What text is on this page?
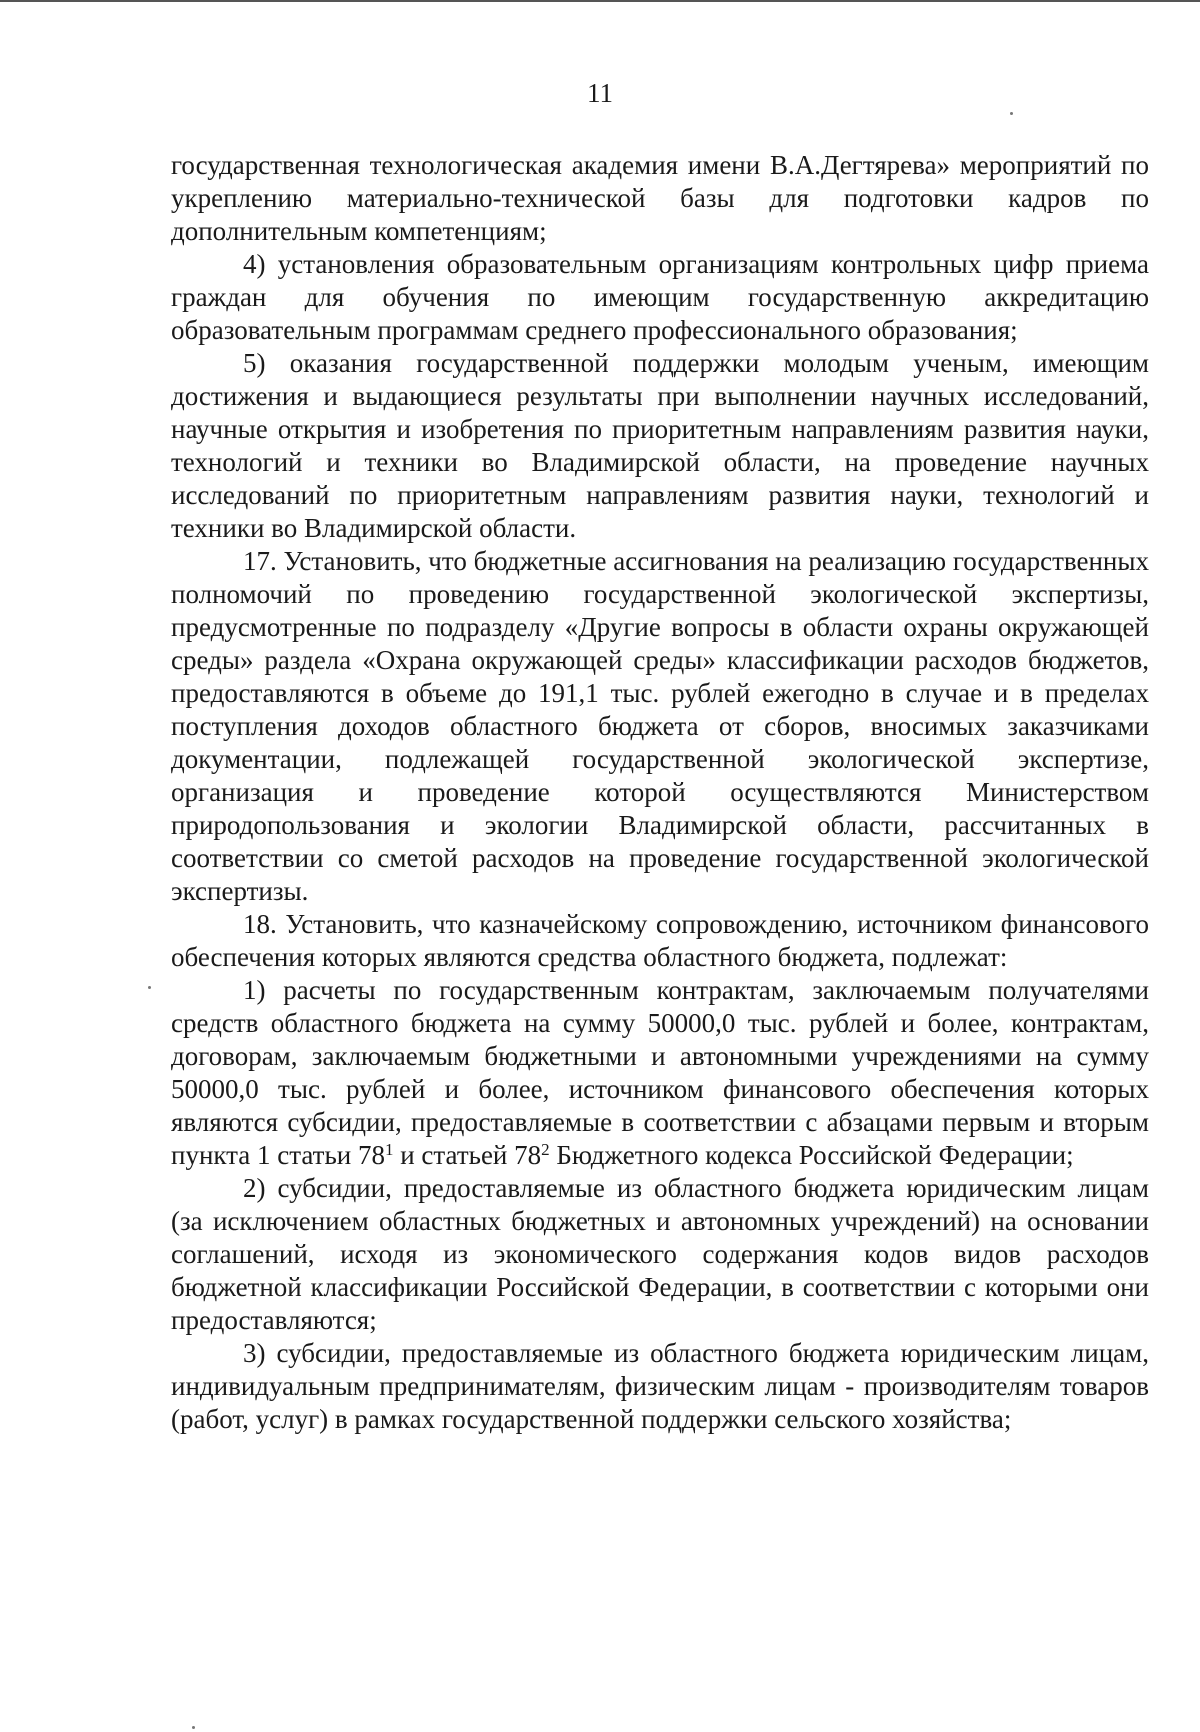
11

государственная технологическая академия имени В.А.Дегтярева» мероприятий по укреплению материально-технической базы для подготовки кадров по дополнительным компетенциям;

4) установления образовательным организациям контрольных цифр приема граждан для обучения по имеющим государственную аккредитацию образовательным программам среднего профессионального образования;

5) оказания государственной поддержки молодым ученым, имеющим достижения и выдающиеся результаты при выполнении научных исследований, научные открытия и изобретения по приоритетным направлениям развития науки, технологий и техники во Владимирской области, на проведение научных исследований по приоритетным направлениям развития науки, технологий и техники во Владимирской области.

17. Установить, что бюджетные ассигнования на реализацию государственных полномочий по проведению государственной экологической экспертизы, предусмотренные по подразделу «Другие вопросы в области охраны окружающей среды» раздела «Охрана окружающей среды» классификации расходов бюджетов, предоставляются в объеме до 191,1 тыс. рублей ежегодно в случае и в пределах поступления доходов областного бюджета от сборов, вносимых заказчиками документации, подлежащей государственной экологической экспертизе, организация и проведение которой осуществляются Министерством природопользования и экологии Владимирской области, рассчитанных в соответствии со сметой расходов на проведение государственной экологической экспертизы.

18. Установить, что казначейскому сопровождению, источником финансового обеспечения которых являются средства областного бюджета, подлежат:

1) расчеты по государственным контрактам, заключаемым получателями средств областного бюджета на сумму 50000,0 тыс. рублей и более, контрактам, договорам, заключаемым бюджетными и автономными учреждениями на сумму 50000,0 тыс. рублей и более, источником финансового обеспечения которых являются субсидии, предоставляемые в соответствии с абзацами первым и вторым пункта 1 статьи $78^1$ и статьей $78^2$ Бюджетного кодекса Российской Федерации;

2) субсидии, предоставляемые из областного бюджета юридическим лицам (за исключением областных бюджетных и автономных учреждений) на основании соглашений, исходя из экономического содержания кодов видов расходов бюджетной классификации Российской Федерации, в соответствии с которыми они предоставляются;

3) субсидии, предоставляемые из областного бюджета юридическим лицам, индивидуальным предпринимателям, физическим лицам - производителям товаров (работ, услуг) в рамках государственной поддержки сельского хозяйства;
